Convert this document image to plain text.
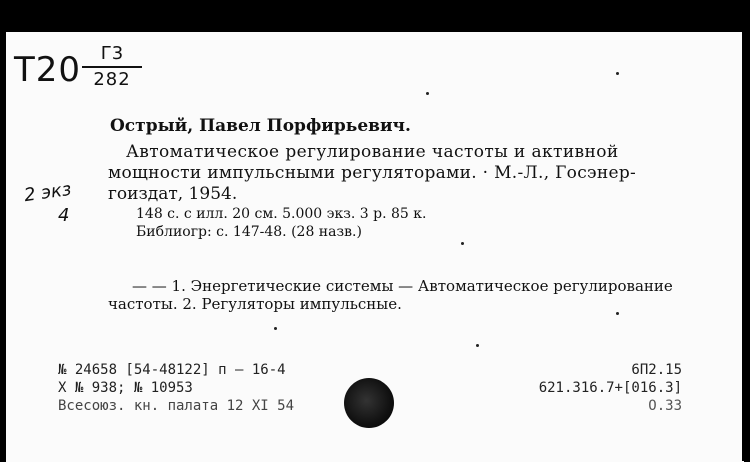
T20	Г3
282
2 экз
4
Острый, Павел Порфирьевич.
Автоматическое регулирование частоты и активной
мощности импульсными регуляторами. · М.-Л., Госэнер-
гоиздат, 1954.
148 с. с илл. 20 см. 5.000 экз. 3 р. 85 к.
Библиогр: с. 147-48. (28 назв.)
— — 1. Энергетические системы — Автоматическое регулирование
частоты. 2. Регуляторы импульсные.
№ 24658 [54-48122] п — 16-4
X № 938; № 10953
Всесоюз. кн. палата 12 XI 54
6П2.15
621.316.7+[016.3]
О.ЗЗ
